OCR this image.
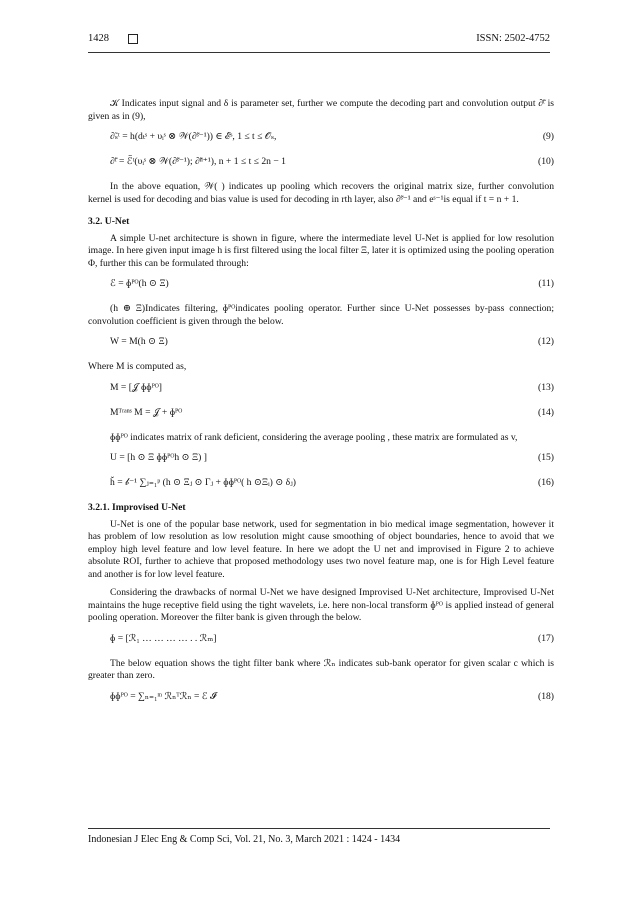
1428	ISSN: 2502-4752

𝒦 Indicates input signal and δ is parameter set, further we compute the decoding part and convolution output ∂̃ᵗ is given as in (9),

∂̃ₛᵗ = h(dₜˢ + υᵢˢ ⊗ 𝒲(∂̃ˢ⁻¹)) ∈ ℰˢ, 1 ≤ t ≤ 𝒪ₛ,	(9)
∂̃ᵗ = ℰ̃ᵗ(υᵢˢ ⊗ 𝒲(∂̃ˢ⁻¹); ∂̃ⁿ⁺¹), n + 1 ≤ t ≤ 2n − 1	(10)

In the above equation, 𝒲( ) indicates up pooling which recovers the original matrix size, further convolution kernel is used for decoding and bias value is used for decoding in rth layer, also ∂̃ˢ⁻¹ and eˢ⁻¹is equal if t = n + 1.

3.2. U-Net

A simple U-net architecture is shown in figure, where the intermediate level U-Net is applied for low resolution image. In here given input image h is first filtered using the local filter Ξ, later it is optimized using the pooling operation Φ, further this can be formulated through:

ℰ = ɸᴾᴼ(h ⊙ Ξ)	(11)

(h ⊕ Ξ)Indicates filtering, ɸᴾᴼindicates pooling operator. Further since U-Net possesses by-pass connection; convolution coefficient is given through the below.

W = M(h ⊙ Ξ)	(12)

Where M is computed as,

M = [𝒥 ɸɸᴾᴼ]	(13)
Mᵀʳᵃⁿˢ M = 𝒥 + ɸᴾᴼ	(14)

ɸɸᴾᴼ indicates matrix of rank deficient, considering the average pooling , these matrix are formulated as v,

U = [h ⊙ Ξ ɸɸᴾᴼh ⊙ Ξ) ]	(15)
ȟ = 𝒷⁻¹ ∑ⱼ₌₁ᵖ (h ⊙ Ξⱼ ⊙ Γⱼ + ɸɸᴾᴼ( h ⊙Ξᵢ) ⊙ δⱼ)	(16)
3.2.1. Improvised U-Net

U-Net is one of the popular base network, used for segmentation in bio medical image segmentation, however it has problem of low resolution as low resolution might cause smoothing of object boundaries, hence to avoid that we employ high level feature and low level feature. In here we adopt the U net and improvised in Figure 2 to achieve absolute ROI, further to achieve that proposed methodology uses two novel feature map, one is for High Level feature and another is for low level feature.

Considering the drawbacks of normal U-Net we have designed Improvised U-Net architecture, Improvised U-Net maintains the huge receptive field using the tight wavelets, i.e. here non-local transform ɸᴾᴼ is applied instead of general pooling operation. Moreover the filter bank is given through the below.

ɸ = [ℛ₁ … … … … . . ℛₘ]	(17)

The below equation shows the tight filter bank where ℛₙ indicates sub-bank operator for given scalar c which is greater than zero.

ɸɸᴾᴼ = ∑ₙ₌₁ᵐ ℛₙᵀℛₙ = ℰ 𝓘	(18)
Indonesian J Elec Eng & Comp Sci, Vol. 21, No. 3, March 2021 : 1424 - 1434
